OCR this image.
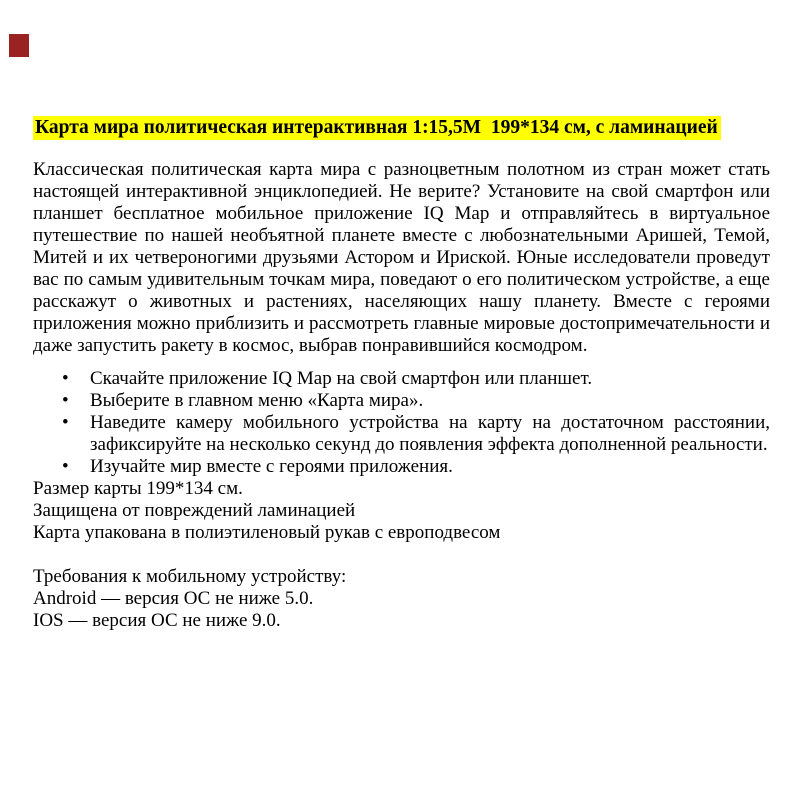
Карта мира политическая интерактивная 1:15,5М  199*134 см, с ламинацией

Классическая политическая карта мира с разноцветным полотном из стран может стать настоящей интерактивной энциклопедией. Не верите? Установите на свой смартфон или планшет бесплатное мобильное приложение IQ Map и отправляйтесь в виртуальное путешествие по нашей необъятной планете вместе с любознательными Аришей, Темой, Митей и их четвероногими друзьями Астором и Ириской. Юные исследователи проведут вас по самым удивительным точкам мира, поведают о его политическом устройстве, а еще расскажут о животных и растениях, населяющих нашу планету. Вместе с героями приложения можно приблизить и рассмотреть главные мировые достопримечательности и даже запустить ракету в космос, выбрав понравившийся космодром.

• Скачайте приложение IQ Map на свой смартфон или планшет.
• Выберите в главном меню «Карта мира».
• Наведите камеру мобильного устройства на карту на достаточном расстоянии, зафиксируйте на несколько секунд до появления эффекта дополненной реальности.
• Изучайте мир вместе с героями приложения.
Размер карты 199*134 см.
Защищена от повреждений ламинацией
Карта упакована в полиэтиленовый рукав с европодвесом
Требования к мобильному устройству:
Android — версия ОС не ниже 5.0.
IOS — версия ОС не ниже 9.0.
